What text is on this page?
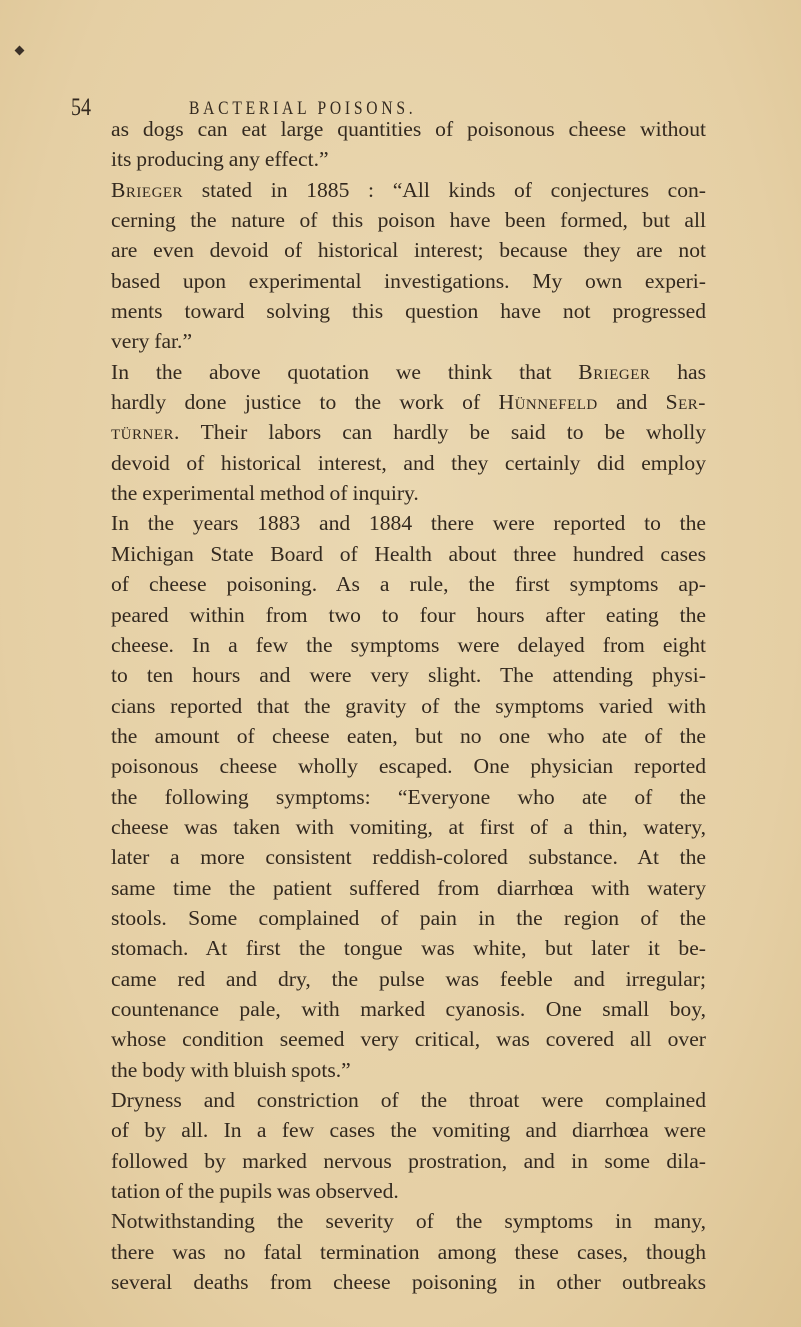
54	BACTERIAL POISONS.
as dogs can eat large quantities of poisonous cheese without
its producing any effect.”
Brieger stated in 1885 : “All kinds of conjectures con-
cerning the nature of this poison have been formed, but all
are even devoid of historical interest; because they are not
based upon experimental investigations. My own experi-
ments toward solving this question have not progressed
very far.”
In the above quotation we think that Brieger has
hardly done justice to the work of Hünnefeld and Ser-
türner. Their labors can hardly be said to be wholly
devoid of historical interest, and they certainly did employ
the experimental method of inquiry.
In the years 1883 and 1884 there were reported to the
Michigan State Board of Health about three hundred cases
of cheese poisoning. As a rule, the first symptoms ap-
peared within from two to four hours after eating the
cheese. In a few the symptoms were delayed from eight
to ten hours and were very slight. The attending physi-
cians reported that the gravity of the symptoms varied with
the amount of cheese eaten, but no one who ate of the
poisonous cheese wholly escaped. One physician reported
the following symptoms: “Everyone who ate of the
cheese was taken with vomiting, at first of a thin, watery,
later a more consistent reddish-colored substance. At the
same time the patient suffered from diarrhœa with watery
stools. Some complained of pain in the region of the
stomach. At first the tongue was white, but later it be-
came red and dry, the pulse was feeble and irregular;
countenance pale, with marked cyanosis. One small boy,
whose condition seemed very critical, was covered all over
the body with bluish spots.”
Dryness and constriction of the throat were complained
of by all. In a few cases the vomiting and diarrhœa were
followed by marked nervous prostration, and in some dila-
tation of the pupils was observed.
Notwithstanding the severity of the symptoms in many,
there was no fatal termination among these cases, though
several deaths from cheese poisoning in other outbreaks
